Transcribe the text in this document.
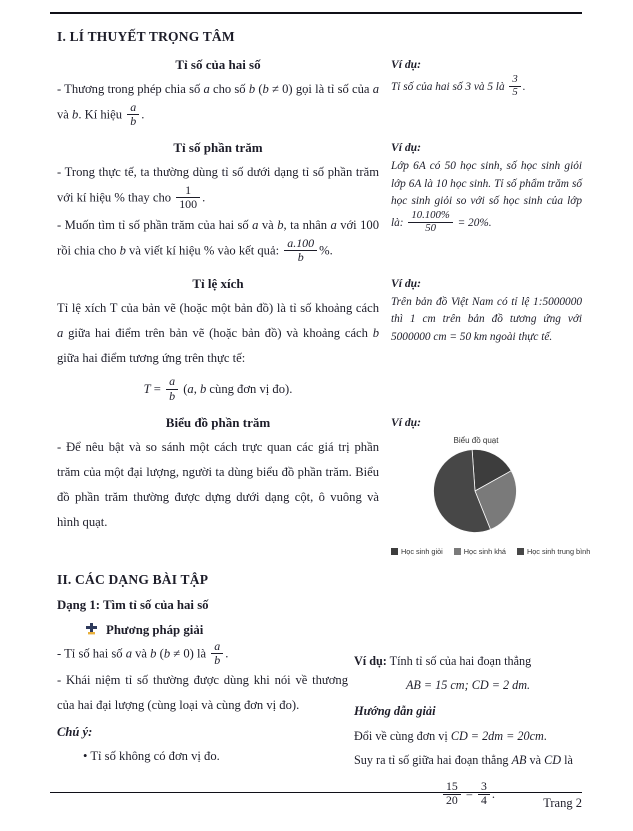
I. LÍ THUYẾT TRỌNG TÂM
Tỉ số của hai số

- Thương trong phép chia số a cho số b (b ≠ 0) gọi là tỉ số của a và b. Kí hiệu $\frac{a}{b}$ .

Ví dụ:

Tỉ số của hai số 3 và 5 là $\frac{3}{5}$ .

Tỉ số phần trăm

- Trong thực tế, ta thường dùng tỉ số dưới dạng tỉ số phần trăm với kí hiệu % thay cho $\frac{1}{100}$ .

- Muốn tìm tỉ số phần trăm của hai số a và b, ta nhân a với 100 rồi chia cho b và viết kí hiệu % vào kết quả: $\frac{a.100}{b}$ %.

Ví dụ:

Lớp 6A có 50 học sinh, số học sinh giỏi lớp 6A là 10 học sinh. Tỉ số phẩm trăm số học sinh giỏi so với số học sinh của lớp là: $\frac{10.100\%}{50} = 20\%$.

Tỉ lệ xích

Tỉ lệ xích T của bản vẽ (hoặc một bản đồ) là tỉ số khoảng cách a giữa hai điểm trên bản vẽ (hoặc bản đồ) và khoảng cách b giữa hai điểm tương ứng trên thực tế:

$T = \frac{a}{b} (a$, b cùng đơn vị đo).

Ví dụ:

Trên bản đồ Việt Nam có tỉ lệ 1:5000000 thì 1 cm trên bản đồ tương ứng với 5000000 cm = 50 km ngoài thực tế.

Biểu đồ phần trăm

- Để nêu bật và so sánh một cách trực quan các giá trị phần trăm của một đại lượng, người ta dùng biểu đồ phần trăm. Biểu đồ phần trăm thường được dựng dưới dạng cột, ô vuông và hình quạt.

Ví dụ:

Biểu đồ quạt
Học sinh giỏi	Học sinh khá	Học sinh trung bình
II. CÁC DẠNG BÀI TẬP
Dạng 1: Tìm tỉ số của hai số
Phương pháp giải

- Tỉ số hai số a và b (b ≠ 0) là $\frac{a}{b}$ .

- Khái niệm tỉ số thường được dùng khi nói về thương của hai đại lượng (cùng loại và cùng đơn vị đo).

Chú ý:

• Tỉ số không có đơn vị đo.

Ví dụ: Tính tỉ số của hai đoạn thẳng

AB = 15 cm; CD = 2 dm.

Hướng dẫn giải

Đổi về cùng đơn vị CD = 2dm = 20cm.

Suy ra tỉ số giữa hai đoạn thẳng AB và CD là

$\frac{15}{20} = \frac{3}{4}$ .

Trang 2
